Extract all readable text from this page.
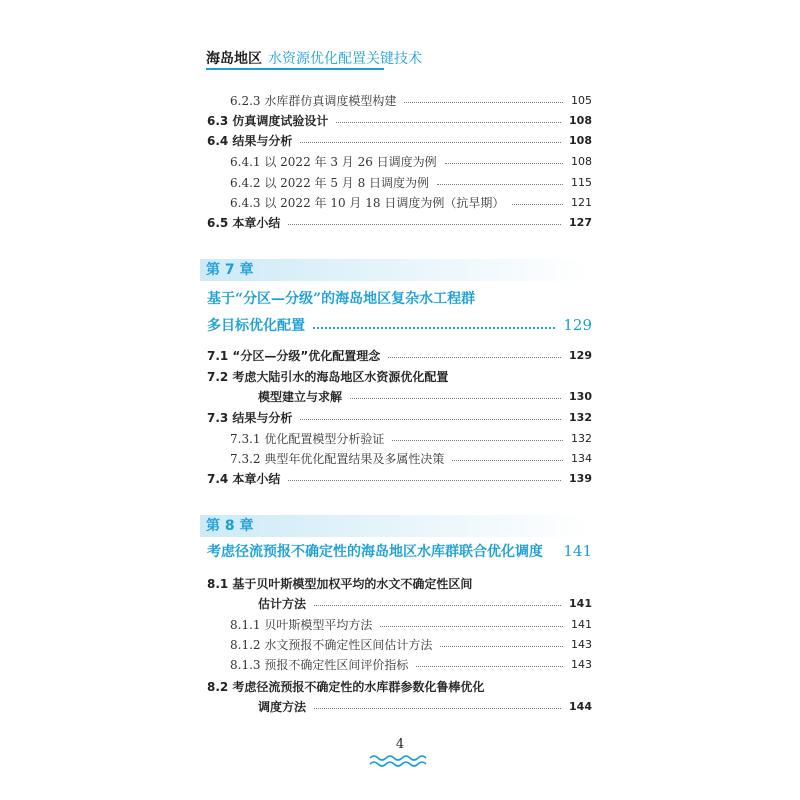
海岛地区 水资源优化配置关键技术
6.2.3 水库群仿真调度模型构建	105
6.3 仿真调度试验设计	108
6.4 结果与分析	108
6.4.1 以 2022 年 3 月 26 日调度为例	108
6.4.2 以 2022 年 5 月 8 日调度为例	115
6.4.3 以 2022 年 10 月 18 日调度为例（抗旱期）	121
6.5 本章小结	127
第 7 章
基于“分区—分级”的海岛地区复杂水工程群
多目标优化配置	129
7.1 “分区—分级”优化配置理念	129
7.2 考虑大陆引水的海岛地区水资源优化配置
模型建立与求解	130
7.3 结果与分析	132
7.3.1 优化配置模型分析验证	132
7.3.2 典型年优化配置结果及多属性决策	134
7.4 本章小结	139
第 8 章
考虑径流预报不确定性的海岛地区水库群联合优化调度 141
8.1 基于贝叶斯模型加权平均的水文不确定性区间
估计方法	141
8.1.1 贝叶斯模型平均方法	141
8.1.2 水文预报不确定性区间估计方法	143
8.1.3 预报不确定性区间评价指标	143
8.2 考虑径流预报不确定性的水库群参数化鲁棒优化
调度方法	144
4
